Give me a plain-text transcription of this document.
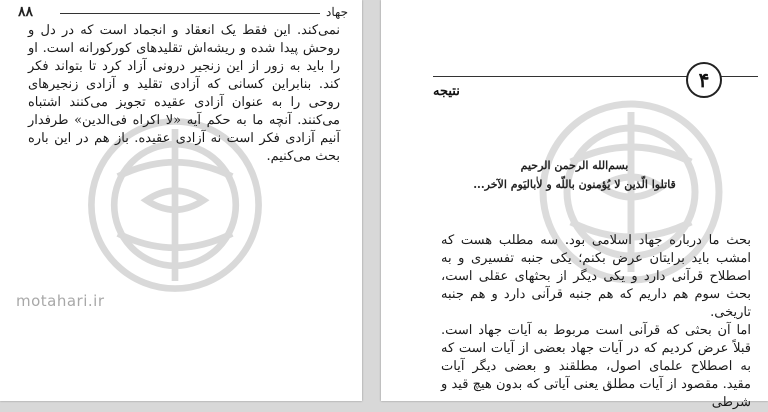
۸۸	جهاد

نمی‌کند. این فقط یک انعقاد و انجماد است که در دل و روحش پیدا شده و ریشه‌اش تقلیدهای کورکورانه است. او را باید به زور از این زنجیر درونی آزاد کرد تا بتواند فکر کند. بنابراین کسانی که آزادی تقلید و آزادی زنجیرهای روحی را به عنوان آزادی عقیده تجویز می‌کنند اشتباه می‌کنند. آنچه ما به حکم آیه «لا اکراه فی‌الدین» طرفدار آنیم آزادی فکر است نه آزادی عقیده. باز هم در این باره بحث می‌کنیم.

motahari.ir
۴
نتیجه
بسم‌الله الرحمن الرحیم
قاتلوا الّذین لا یُؤمنون باللّه و لاٰبالیَوم الآخر...

بحث ما درباره جهاد اسلامی بود. سه مطلب هست که امشب باید برایتان عرض بکنم؛ یکی جنبه تفسیری و به اصطلاح قرآنی دارد و یکی دیگر از بحثهای عقلی است، بحث سوم هم داریم که هم جنبه قرآنی دارد و هم جنبه تاریخی.

اما آن بحثی که قرآنی است مربوط به آیات جهاد است. قبلاً عرض کردیم که در آیات جهاد بعضی از آیات است که به اصطلاح علمای اصول، مطلقند و بعضی دیگر آیات مقید. مقصود از آیات مطلق یعنی آیاتی که بدون هیچ قید و شرطی
